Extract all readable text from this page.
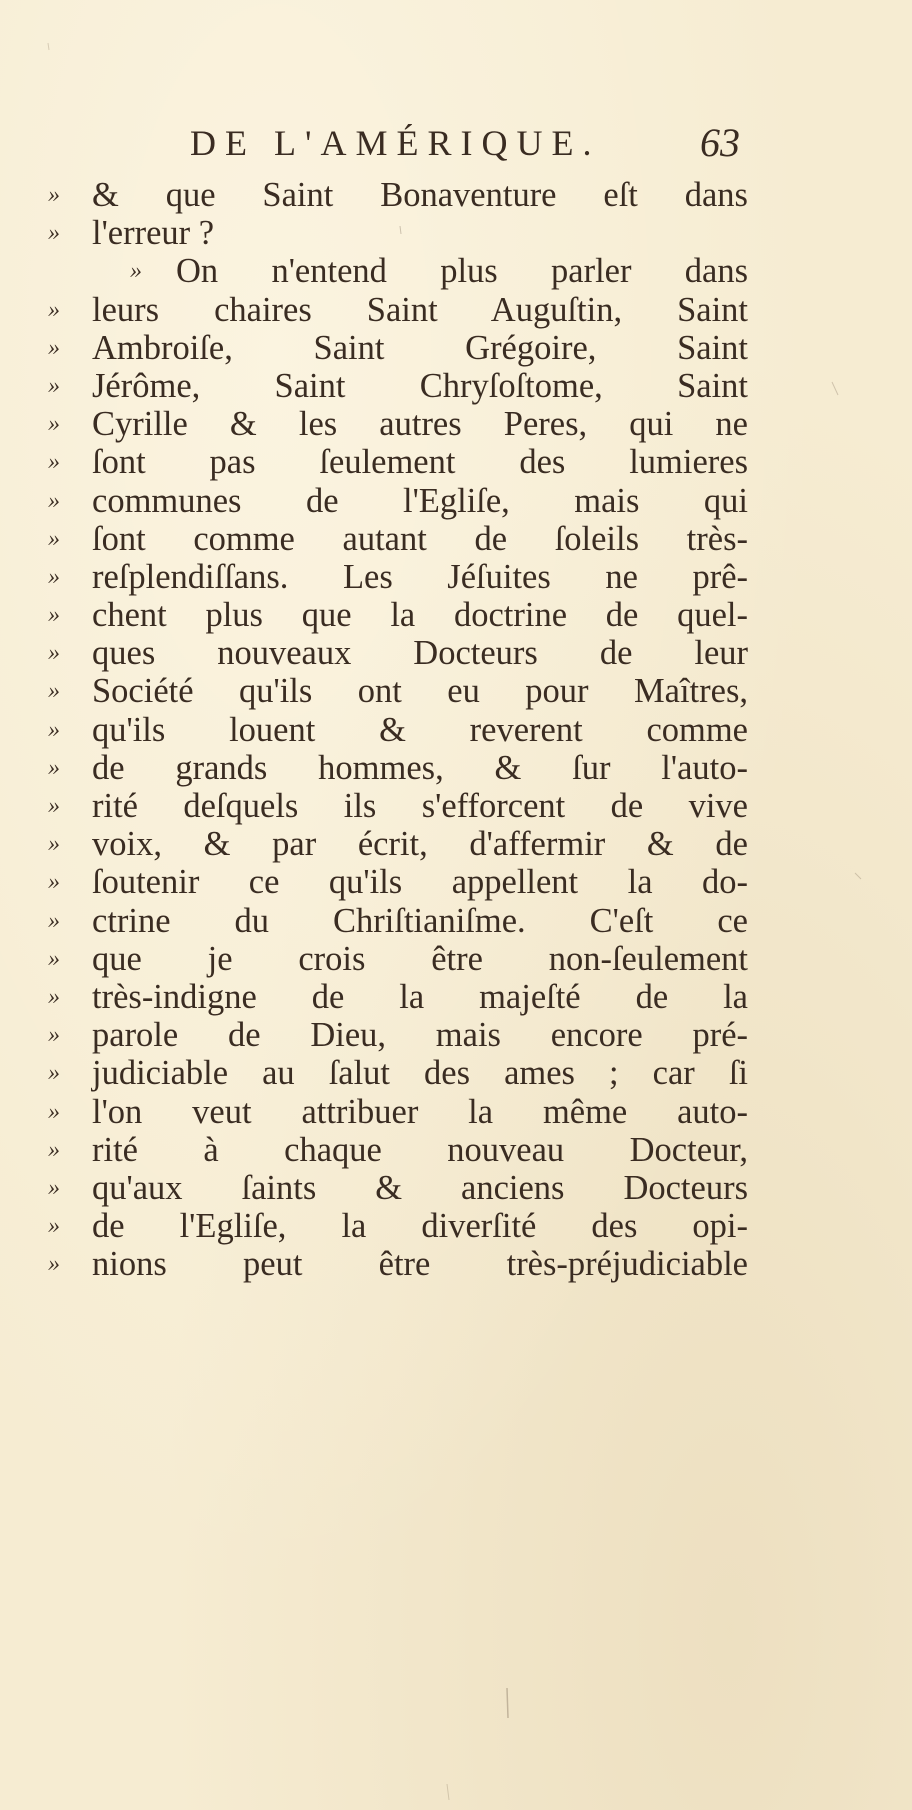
DE L'AMÉRIQUE. 63
» & que Saint Bonaventure eſt dans
» l'erreur ?
» On n'entend plus parler dans
» leurs chaires Saint Auguſtin, Saint
» Ambroiſe, Saint Grégoire, Saint
» Jérôme, Saint Chryſoſtome, Saint
» Cyrille & les autres Peres, qui ne
» ſont pas ſeulement des lumieres
» communes de l'Egliſe, mais qui
» ſont comme autant de ſoleils très-
» reſplendiſſans. Les Jéſuites ne prê-
» chent plus que la doctrine de quel-
» ques nouveaux Docteurs de leur
» Société qu'ils ont eu pour Maîtres,
» qu'ils louent & reverent comme
» de grands hommes, & ſur l'auto-
» rité deſquels ils s'efforcent de vive
» voix, & par écrit, d'affermir & de
» ſoutenir ce qu'ils appellent la do-
» ctrine du Chriſtianiſme. C'eſt ce
» que je crois être non-ſeulement
» très-indigne de la majeſté de la
» parole de Dieu, mais encore pré-
» judiciable au ſalut des ames ; car ſi
» l'on veut attribuer la même auto-
» rité à chaque nouveau Docteur,
» qu'aux ſaints & anciens Docteurs
» de l'Egliſe, la diverſité des opi-
» nions peut être très-préjudiciable
